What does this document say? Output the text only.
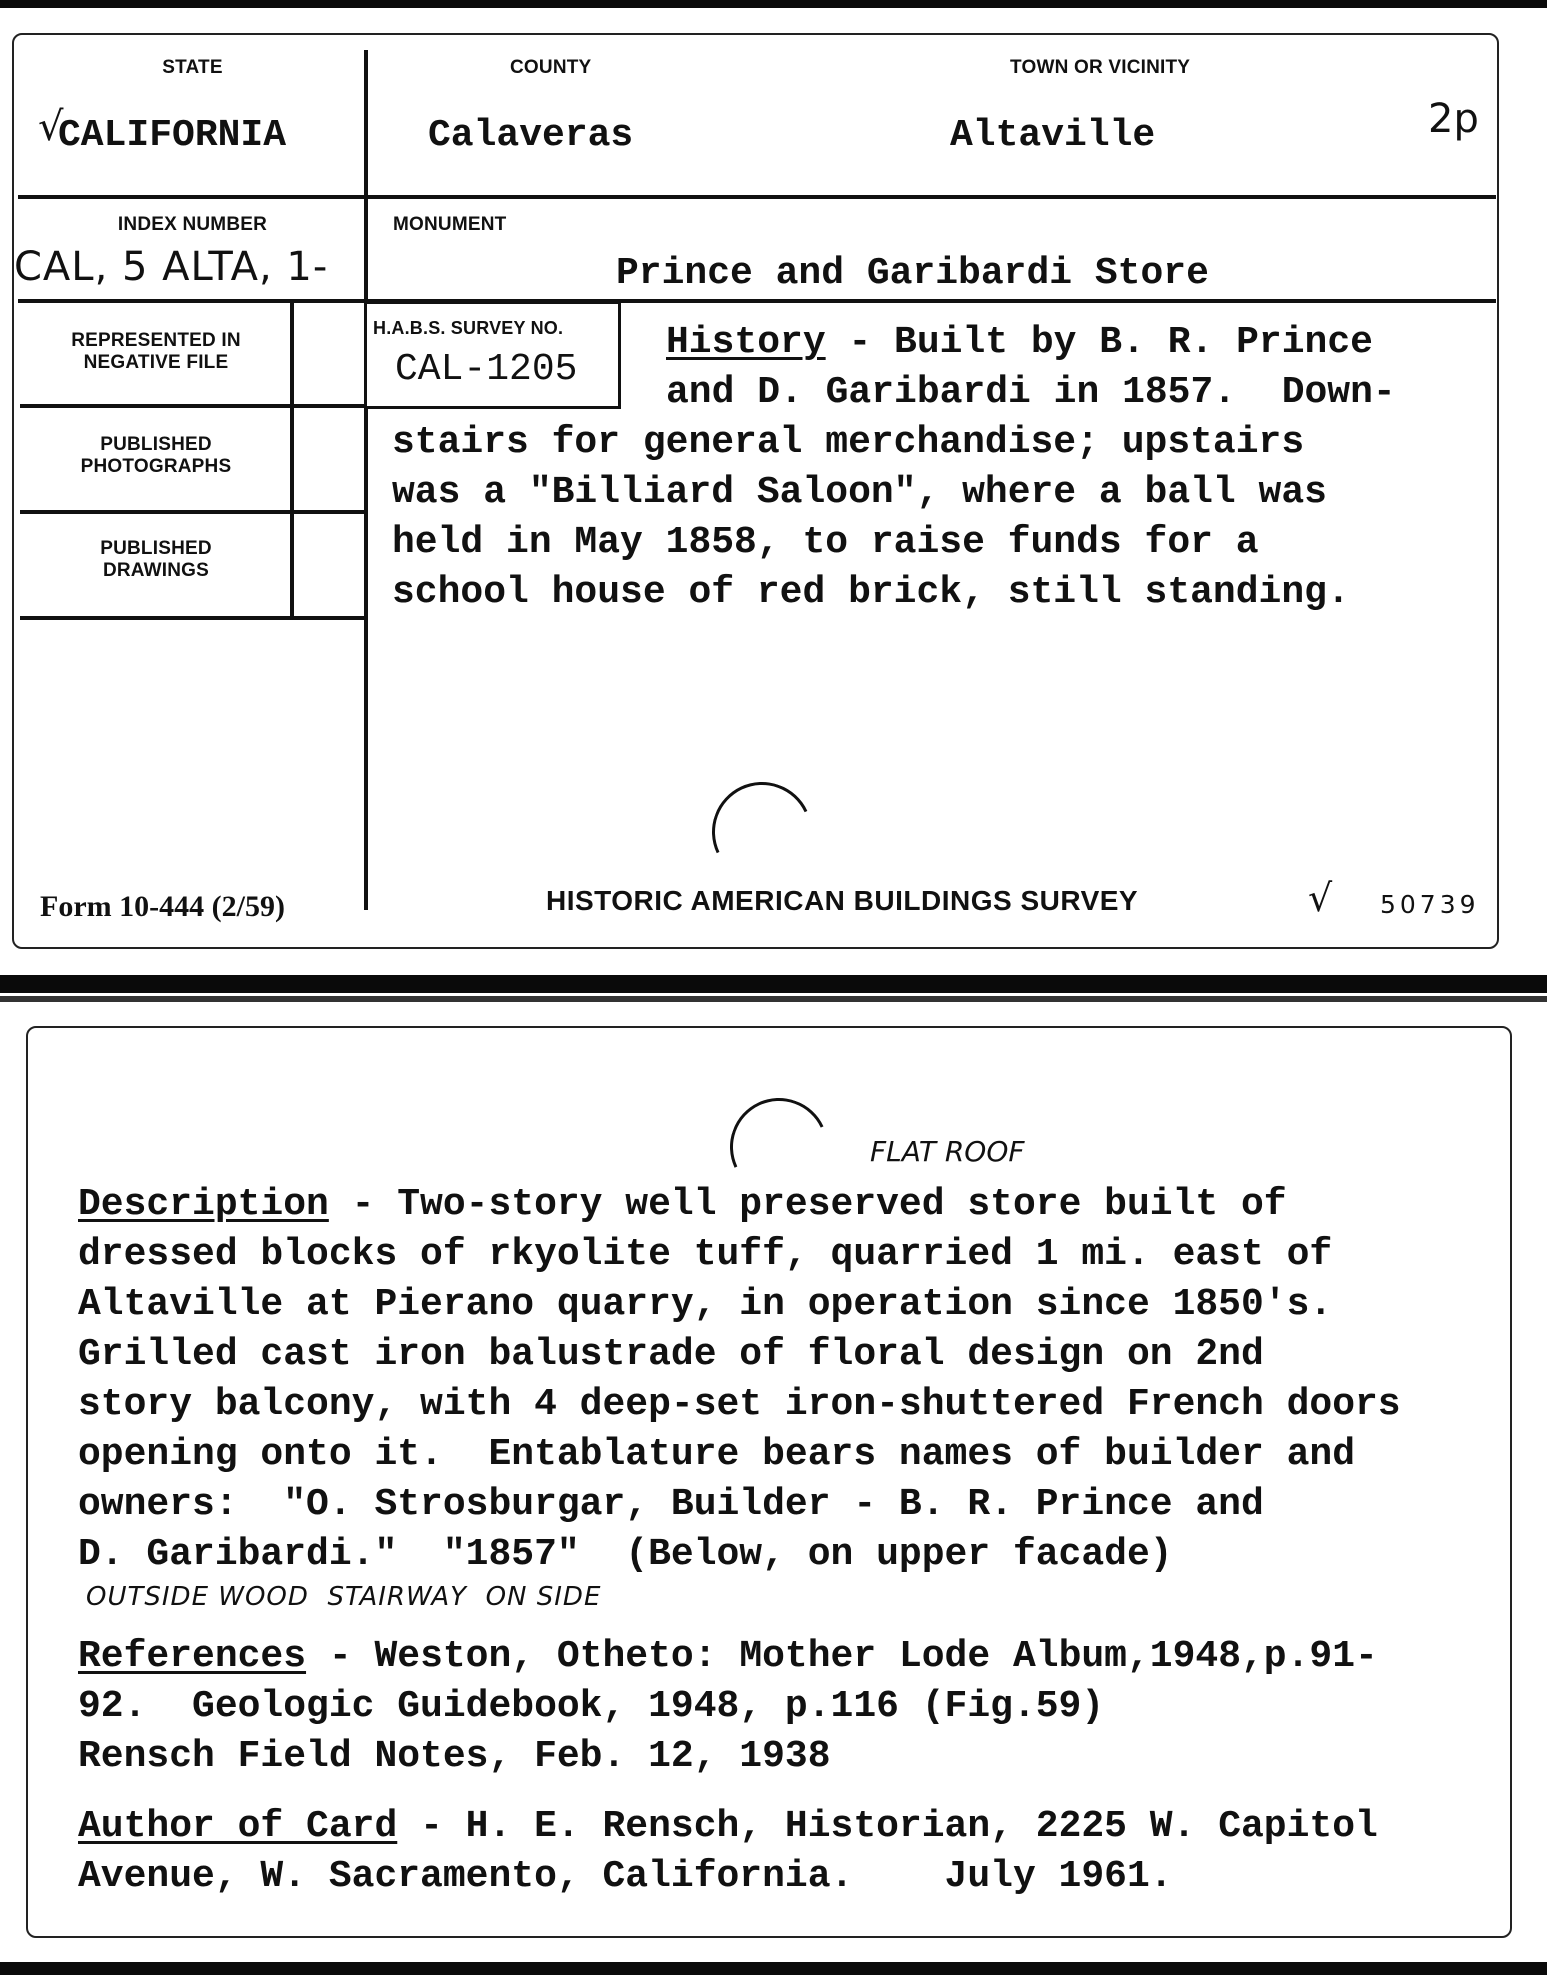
STATE
√
CALIFORNIA
COUNTY
Calaveras
TOWN OR VICINITY
Altaville	2p
INDEX NUMBER
CAL, 5 ALTA, 1-
MONUMENT
Prince and Garibardi Store
REPRESENTED IN
NEGATIVE FILE
PUBLISHED
PHOTOGRAPHS
PUBLISHED
DRAWINGS
H.A.B.S. SURVEY NO.
CAL-1205
History - Built by B. R. Prince
and D. Garibardi in 1857.  Down-
stairs for general merchandise; upstairs
was a "Billiard Saloon", where a ball was
held in May 1858, to raise funds for a
school house of red brick, still standing.
Form 10-444 (2/59)	HISTORIC AMERICAN BUILDINGS SURVEY	√ 50739
FLAT ROOF
Description - Two-story well preserved store built of
dressed blocks of rkyolite tuff, quarried 1 mi. east of
Altaville at Pierano quarry, in operation since 1850's.
Grilled cast iron balustrade of floral design on 2nd
story balcony, with 4 deep-set iron-shuttered French doors
opening onto it.  Entablature bears names of builder and
owners:  "O. Strosburgar, Builder - B. R. Prince and
D. Garibardi."  "1857"  (Below, on upper facade)
OUTSIDE WOOD  STAIRWAY  ON SIDE
References - Weston, Otheto: Mother Lode Album,1948,p.91-
92.  Geologic Guidebook, 1948, p.116 (Fig.59)
Rensch Field Notes, Feb. 12, 1938
Author of Card - H. E. Rensch, Historian, 2225 W. Capitol
Avenue, W. Sacramento, California.    July 1961.
